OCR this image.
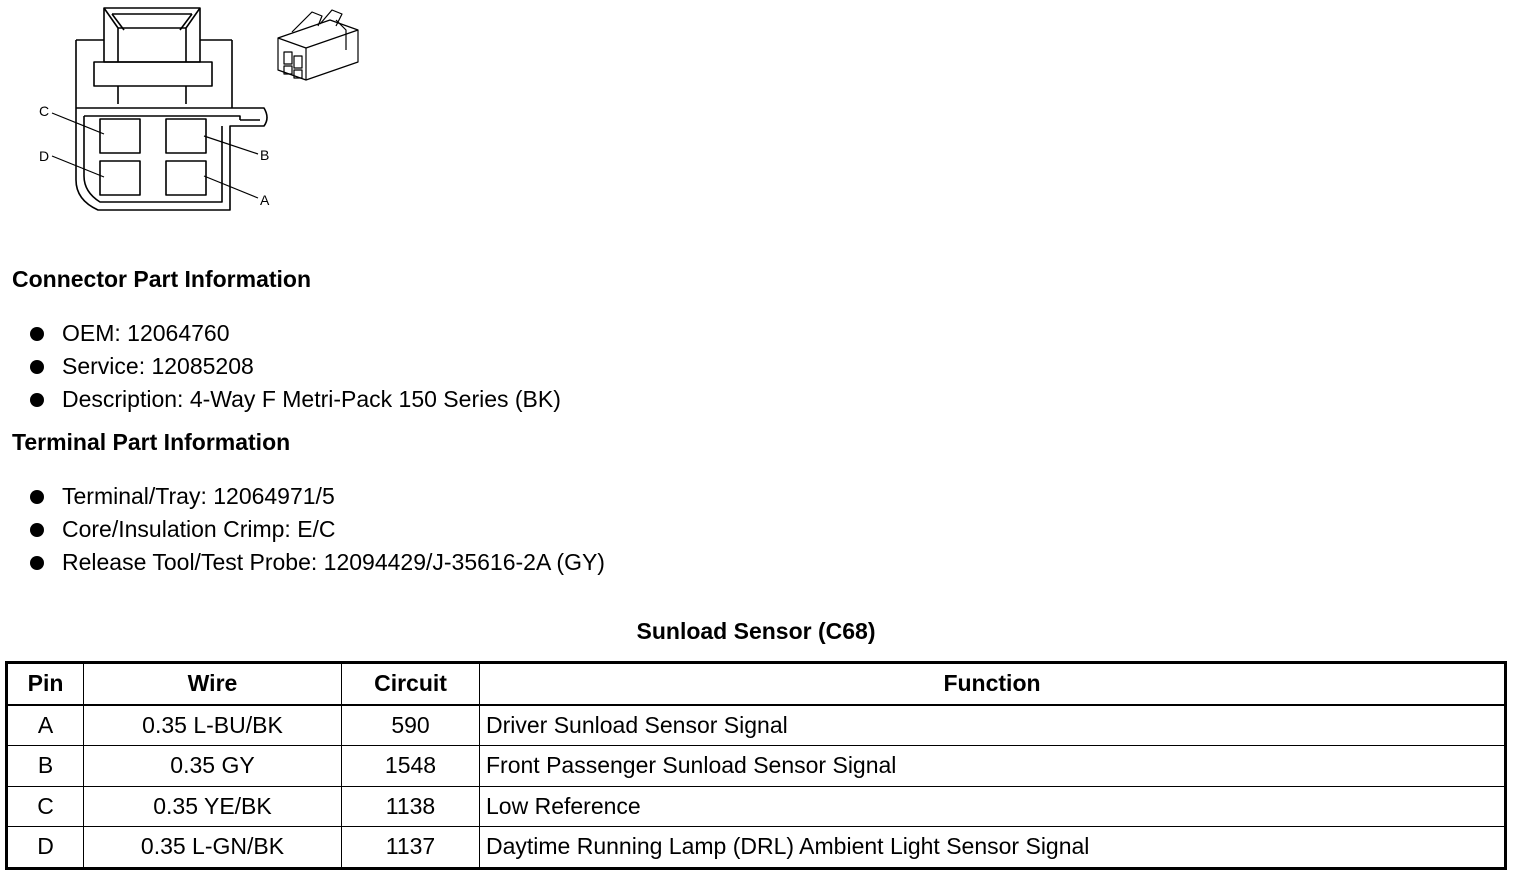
C
D	B
A
Connector Part Information
OEM: 12064760
Service: 12085208
Description: 4-Way F Metri-Pack 150 Series (BK)
Terminal Part Information
Terminal/Tray: 12064971/5
Core/Insulation Crimp: E/C
Release Tool/Test Probe: 12094429/J-35616-2A (GY)
Sunload Sensor (C68)
Pin	Wire	Circuit	Function
A	0.35 L-BU/BK	590	Driver Sunload Sensor Signal
B	0.35 GY	1548	Front Passenger Sunload Sensor Signal
C	0.35 YE/BK	1138	Low Reference
D	0.35 L-GN/BK	1137	Daytime Running Lamp (DRL) Ambient Light Sensor Signal
